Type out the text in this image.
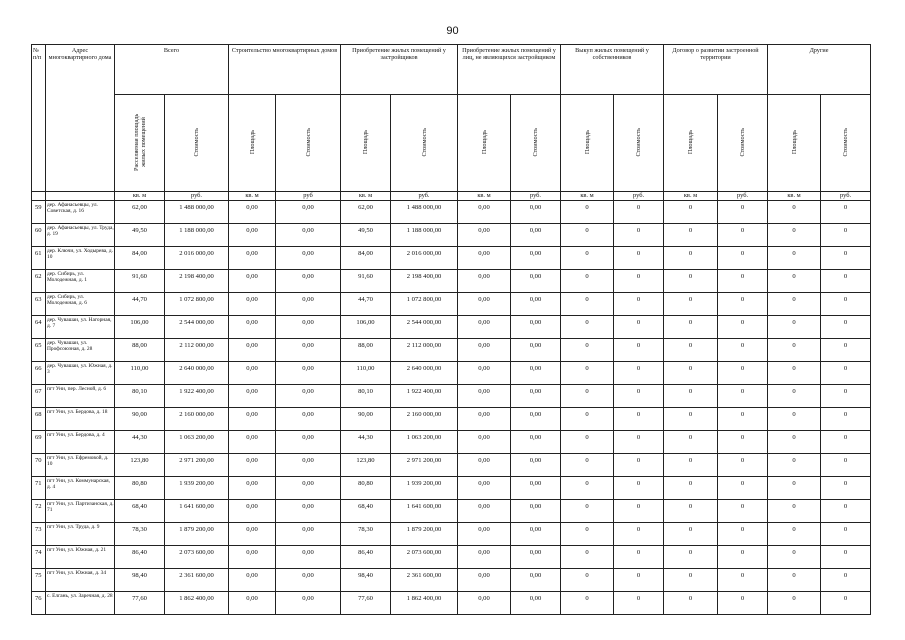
90
№ п/п	Адрес многоквартирного дома	Всего		Строительство многоквартирных домов		Приобретение жилых помещений у застройщиков		Приобретение жилых помещений у лиц, не являющихся застройщиком		Выкуп жилых помещений у собственников		Договор о развитии застроенной территории		Другие	
		Расселяемая площадь жилых помещений	Стоимость	Площадь	Стоимость	Площадь	Стоимость	Площадь	Стоимость	Площадь	Стоимость	Площадь	Стоимость	Площадь	Стоимость
		кв. м	руб.	кв. м	руб	кв. м	руб.	кв. м	руб.	кв. м	руб.	кв. м	руб.	кв. м	руб.
59	дер. Афанасьевцы, ул. Советская, д. 16	62,00	1 488 000,00	0,00	0,00	62,00	1 488 000,00	0,00	0,00	0	0	0	0	0	0
60	дер. Афанасьевцы, ул. Труда, д. 19	49,50	1 188 000,00	0,00	0,00	49,50	1 188 000,00	0,00	0,00	0	0	0	0	0	0
61	дер. Ключи, ул. Ходырева, д. 10	84,00	2 016 000,00	0,00	0,00	84,00	2 016 000,00	0,00	0,00	0	0	0	0	0	0
62	дер. Сибирь, ул. Молодежная, д. 1	91,60	2 198 400,00	0,00	0,00	91,60	2 198 400,00	0,00	0,00	0	0	0	0	0	0
63	дер. Сибирь, ул. Молодежная, д. 6	44,70	1 072 800,00	0,00	0,00	44,70	1 072 800,00	0,00	0,00	0	0	0	0	0	0
64	дер. Чувашаи, ул. Нагорная, д. 7	106,00	2 544 000,00	0,00	0,00	106,00	2 544 000,00	0,00	0,00	0	0	0	0	0	0
65	дер. Чувашаи, ул. Профсоюзная, д. 28	88,00	2 112 000,00	0,00	0,00	88,00	2 112 000,00	0,00	0,00	0	0	0	0	0	0
66	дер. Чувашаи, ул. Южная, д. 3	110,00	2 640 000,00	0,00	0,00	110,00	2 640 000,00	0,00	0,00	0	0	0	0	0	0
67	пгт Уни, пер. Лесной, д. 6	80,10	1 922 400,00	0,00	0,00	80,10	1 922 400,00	0,00	0,00	0	0	0	0	0	0
68	пгт Уни, ул. Бердова, д. 18	90,00	2 160 000,00	0,00	0,00	90,00	2 160 000,00	0,00	0,00	0	0	0	0	0	0
69	пгт Уни, ул. Бердова, д. 4	44,30	1 063 200,00	0,00	0,00	44,30	1 063 200,00	0,00	0,00	0	0	0	0	0	0
70	пгт Уни, ул. Ефремовой, д. 10	123,80	2 971 200,00	0,00	0,00	123,80	2 971 200,00	0,00	0,00	0	0	0	0	0	0
71	пгт Уни, ул. Коммунарская, д. 4	80,80	1 939 200,00	0,00	0,00	80,80	1 939 200,00	0,00	0,00	0	0	0	0	0	0
72	пгт Уни, ул. Партизанская, д. 71	68,40	1 641 600,00	0,00	0,00	68,40	1 641 600,00	0,00	0,00	0	0	0	0	0	0
73	пгт Уни, ул. Труда, д. 9	78,30	1 879 200,00	0,00	0,00	78,30	1 879 200,00	0,00	0,00	0	0	0	0	0	0
74	пгт Уни, ул. Южная, д. 21	86,40	2 073 600,00	0,00	0,00	86,40	2 073 600,00	0,00	0,00	0	0	0	0	0	0
75	пгт Уни, ул. Южная, д. 34	98,40	2 361 600,00	0,00	0,00	98,40	2 361 600,00	0,00	0,00	0	0	0	0	0	0
76	с. Елгань, ул. Заречная, д. 28	77,60	1 862 400,00	0,00	0,00	77,60	1 862 400,00	0,00	0,00	0	0	0	0	0	0
